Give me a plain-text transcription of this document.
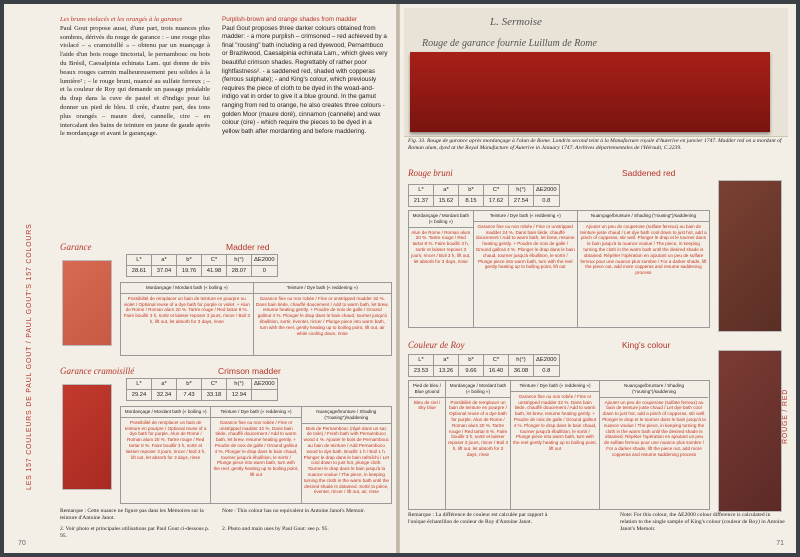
Les bruns violacés et les orangés à la garance
Paul Gout propose aussi, d'une part, trois nuances plus sombres, dérivés du rouge de garance : – une rouge plus violacé – « cramoisillé » – obtenu par un nuançage à l'aide d'un bois rouge tinctorial, le pernambouc ou bois du Brésil, Caesalpinia echinata Lam. qui donne de très beaux rouges carmin malheureusement peu solides à la lumière² ; – le rouge bruni, nuancé au sulfate ferreux ; – et la couleur de Roy qui demande un passage préalable du drap dans la cuve de pastel et d'indigo pour lui donner un pied de bleu. Il crée, d'autre part, des tons plus orangés – maure doré, cannelle, cire – en intercalant des bains de teinture en jaune de gaude après le mordançage et avant le garançage.
Purplish-brown and orange shades from madder
Paul Gout proposes three darker colours obtained from madder: - a more purplish – crimsoned – red achieved by a final "rousing" bath including a red dyewood, Pernambuco or Brazilwood, Caesalpinia echinata Lam., which gives very beautiful crimson shades. Regrettably of rather poor lightfastness². - a saddened red, shaded with copperas (ferrous sulphate); - and King's colour, which previously requires the piece of cloth to be dyed in the woad-and-indigo vat in order to give it a blue ground. In the gamut ranging from red to orange, he also creates three colours - golden Moor (maure doré), cinnamon (cannelle) and wax colour (cire) - which require the pieces to be dyed in a yellow bath after mordanting and before maddering.
Garance	Madder red
L*	a*	b*	C*	h(°)	ΔE2000
28.61	37.04	19.76	41.98	28.07	0
Mordançage / Mordant bath (« boiling »)
Possibilité de remplacer un bain de teinture en pourpre ou violet / Optional reuse of a dye bath for purple or violet. + Alun de Rome / Roman alum 20 %. Tartre rouge / Red tartar 8 %. Faire bouillir 3 h, sortir et laisser reposer 3 jours, rincer / Boil 3 h, lift out, let absorb for 3 days, rinse
Teinture / Dye bath (« reddening »)
Garance fine ou non robée / Fine or unstripped madder 32 %. Dans bain tiède, chauffé doucement / Add to warm bath, let brew, resume heating gently. + Poudre de noix de galle / Ground gallnut 4 %. Plonger le drap dans le bain chaud, tourner jusqu'à ébullition, sortir, éventer, rincer / Plunge piece into warm bath, turn with the reel, gently heating up to boiling point, lift out, air while cooling down, rinse
Garance cramoisillé	Crimson madder
L*	a*	b*	C*	h(°)	ΔE2000
29.24	32.34	7.43	33.18	12.94	
Mordançage / Mordant bath (« boiling »)
Possibilité de remplacer un bain de teinture en pourpre / Optional reuse of a dye bath for purple. Alun de Rome / Roman alum 20 %. Tartre rouge / Red tartar 8 %. Faire bouillir 3 h, sortir et laisser reposer 3 jours, rincer / Boil 3 h, lift out, let absorb for 3 days, rinse
Teinture / Dye bath (« reddening »)
Garance fine ou non robée / Fine or unstripped madder 32 %. Dans bain tiède, chauffé doucement / Add to warm bath, let brew, resume heating gently. + Poudre de noix de galle / Ground gallnut 4 %. Plonger le drap dans le bain chaud, tourner jusqu'à ébullition, le sortir / Plunge piece into warm bath, turn with the reel, gently heating up to boiling point, lift out
Nuançage/brunture / Shading ("rousing")/saddening
Bois de Pernambouc (râpé dans un sac de toile) / Fresh bath with Pernambuco wood 4 %. Ajouter le bois de Pernambouc au bain de teinture / Add Pernambuco wood to dye bath. Bouillir 1 h / Boil 1 h. Plonger le drap dans le bain rafraîchi / Let cool down to just hot, plunge cloth. Tourner le drap dans le bain jusqu'à la nuance voulue / The piece, in keeping turning the cloth in the warm bath until the desired shade is obtained. Sortir la pièce, éventer, rincer / lift out, air, rinse
Remarque : Cette nuance ne figure pas dans les Mémoires sur la teinture d'Antoine Janot.
Note : This colour has no equivalent in Antoine Janot's Memoir.
2. Voir photo et principales utilisations par Paul Gout ci-dessous p. 95.
2. Photo and main uses by Paul Gout: see p. 95.
LES 157 COULEURS DE PAUL GOUT / PAUL GOUT'S 157 COLOURS
70
L. Sermoise
Rouge de garance fournie Luillum de Rome
Fig. 33. Rouge de garance après mordançage à l'alun de Rome. Londrin second teint à la Manufacture royale d'Auterive en janvier 1747. Madder red on a mordant of Roman alum, dyed at the Royal Manufacture of Auterive in January 1747. Archives départementales de l'Hérault, C.2239.
Rouge bruni	Saddened red
L*	a*	b*	C*	h(°)	ΔE2000
21.37	15.62	8.15	17.62	27.54	0.8
Mordançage / Mordant bath (« boiling »)
Alun de Rome / Roman alum 20 %. Tartre rouge / Red tartar 8 %. Faire bouillir 3 h, sortir et laisser reposer 3 jours, rincer / Boil 3 h, lift out, let absorb for 3 days, rinse
Teinture / Dye bath (« reddening »)
Garance fine ou non robée / Fine or unstripped madder 24 %. Dans bain tiède, chauffé doucement / Add to warm bath, let brew, resume heating gently. + Poudre de noix de galle / Ground gallnut 4 %. Plonger le drap dans le bain chaud, tourner jusqu'à ébullition, le sortir / Plunge piece into warm bath, turn with the reel gently heating up to boiling point, lift out
Nuançage/brunture / Shading ("rousing")/saddening
Ajouter un peu de couperose (sulfate ferreux) au bain de teinture juste chaud / Let dye bath cool down to just hot, add a pinch of copperas, stir well. Plonger le drap et le tourner dans le bain jusqu'à la nuance voulue / The piece, in keeping turning the cloth in the warm bath until the desired shade is obtained. Répéter l'opération en ajoutant un peu de sulfate ferreux pour une nuance plus sombre / For a darker shade, lift the piece out, add more copperas and resume saddening process
Couleur de Roy	King's colour
L*	a*	b*	C*	h(°)	ΔE2000
23.53	13.26	9.66	16.40	36.08	0.8
Pied de bleu / Blue ground
Bleu de ciel / Sky blue
Mordançage / Mordant bath (« boiling »)
Possibilité de remplacer un bain de teinture en pourpre / Optional reuse of a dye bath for purple. Alun de Rome / Roman alum 20 %. Tartre rouge / Red tartar 8 %. Faire bouillir 3 h, sortir et laisser reposer 3 jours, rincer / Boil 3 h, lift out, let absorb for 3 days, rinse
Teinture / Dye bath (« reddening »)
Garance fine ou non robée / Fine or unstripped madder 32 %. Dans bain tiède, chauffé doucement / Add to warm bath, let brew, resume heating gently. + Poudre de noix de galle / Ground gallnut 4 %. Plonger le drap dans le bain chaud, tourner jusqu'à ébullition, le sortir / Plunge piece into warm bath, turn with the reel gently heating up to boiling point, lift out
Nuançage/brunture / Shading ("rousing")/saddening
Ajouter un peu de couperose (sulfate ferreux) au bain de teinture juste chaud / Let dye bath cool down to just hot, add a pinch of copperas, stir well. Plonger le drap et le tourner dans le bain jusqu'à la nuance voulue / The piece, in keeping turning the cloth in the warm bath until the desired shade is obtained. Répéter l'opération en ajoutant un peu de sulfate ferreux pour une nuance plus sombre / For a darker shade, lift the piece out, add more copperas and resume saddening process
Remarque : La différence de couleur est calculée par rapport à l'unique échantillon de couleur de Roy d'Antoine Janot.
Note: For this colour, the ΔE2000 colour difference is calculated in relation to the single sample of King's colour (couleur de Roy) in Antoine Janot's Memoir.
ROUGE / RED
71
